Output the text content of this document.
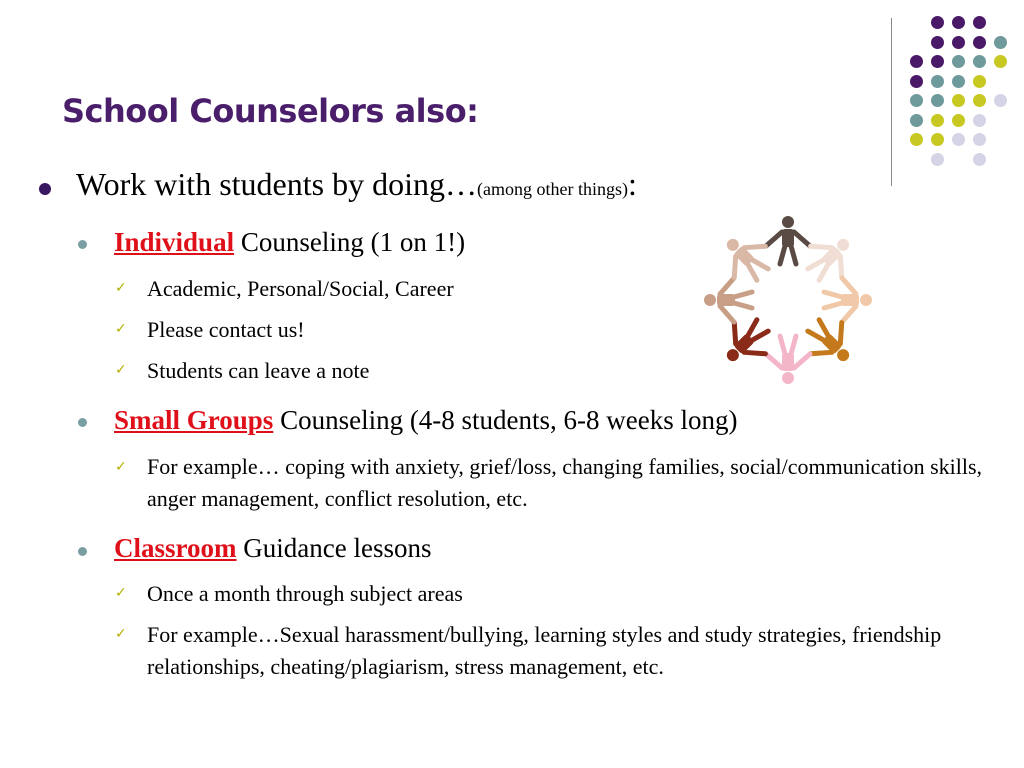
School Counselors also:
Work with students by doing…(among other things):
Individual Counseling (1 on 1!)
✓ Academic, Personal/Social, Career
✓ Please contact us!
✓ Students can leave a note
Small Groups Counseling (4-8 students, 6-8 weeks long)
✓ For example… coping with anxiety, grief/loss, changing families, social/communication skills, anger management, conflict resolution, etc.
Classroom Guidance lessons
✓ Once a month through subject areas
✓ For example…Sexual harassment/bullying, learning styles and study strategies, friendship relationships, cheating/plagiarism, stress management, etc.
